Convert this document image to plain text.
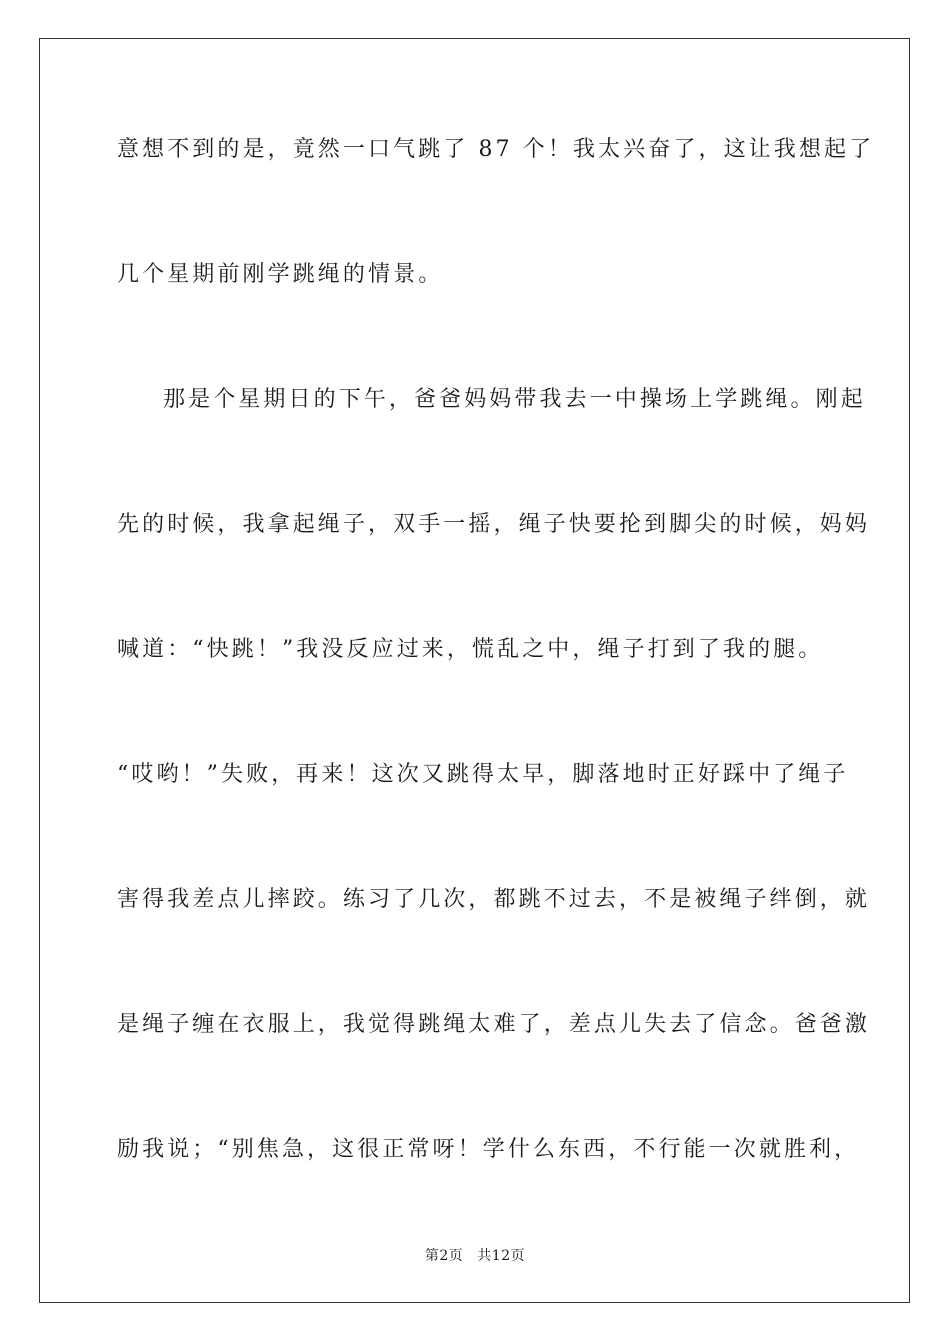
意想不到的是，竟然一口气跳了 87 个！我太兴奋了，这让我想起了
几个星期前刚学跳绳的情景。
那是个星期日的下午，爸爸妈妈带我去一中操场上学跳绳。刚起
先的时候，我拿起绳子，双手一摇，绳子快要抡到脚尖的时候，妈妈
喊道：“快跳！”我没反应过来，慌乱之中，绳子打到了我的腿。
“哎哟！”失败，再来！这次又跳得太早，脚落地时正好踩中了绳子
害得我差点儿摔跤。练习了几次，都跳不过去，不是被绳子绊倒，就
是绳子缠在衣服上，我觉得跳绳太难了，差点儿失去了信念。爸爸激
励我说；“别焦急，这很正常呀！学什么东西，不行能一次就胜利，
第2页 共12页
